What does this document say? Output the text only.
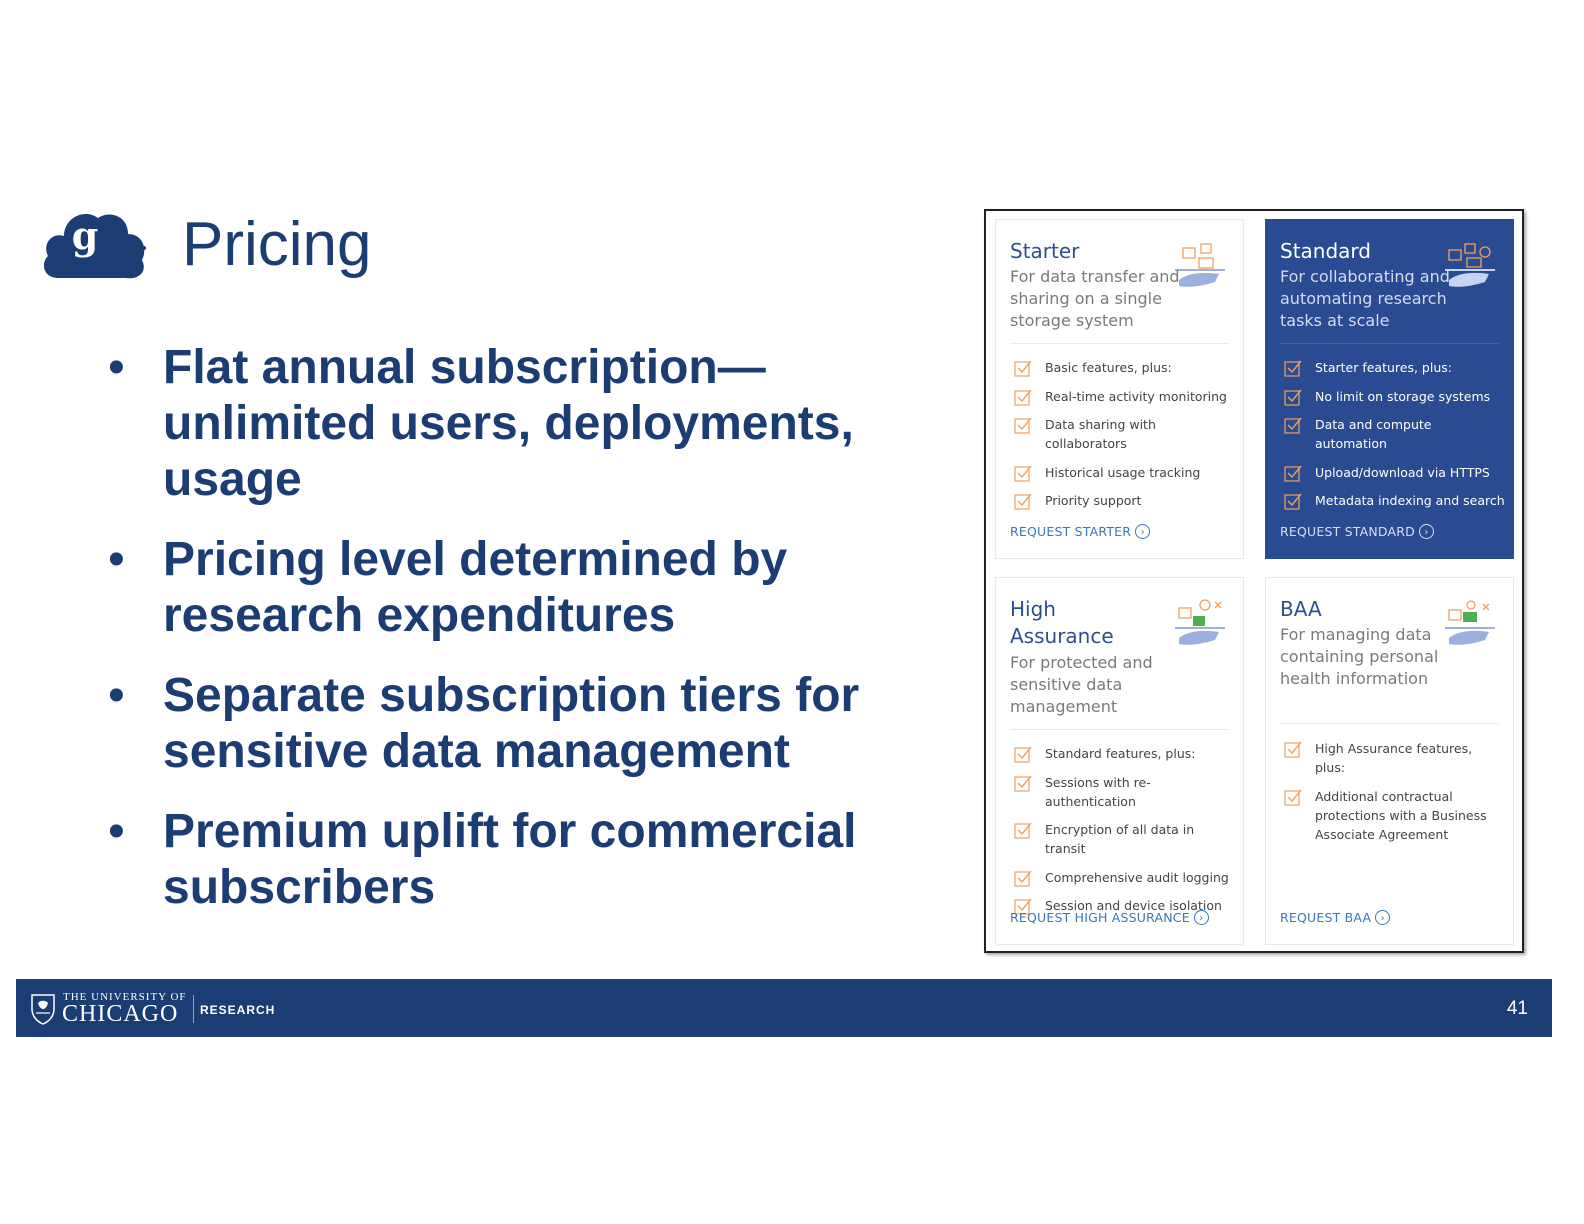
g Pricing
• Flat annual subscription— unlimited users, deployments, usage
• Pricing level determined by research expenditures
• Separate subscription tiers for sensitive data management
• Premium uplift for commercial subscribers
Starter
For data transfer and sharing on a single storage system
Basic features, plus:
Real-time activity monitoring
Data sharing with collaborators
Historical usage tracking
Priority support
REQUEST STARTER ›
Standard
For collaborating and automating research tasks at scale
Starter features, plus:
No limit on storage systems
Data and compute automation
Upload/download via HTTPS
Metadata indexing and search
REQUEST STANDARD ›
High Assurance
For protected and sensitive data management
Standard features, plus:
Sessions with re-authentication
Encryption of all data in transit
Comprehensive audit logging
Session and device isolation
REQUEST HIGH ASSURANCE ›
BAA
For managing data containing personal health information
High Assurance features, plus:
Additional contractual protections with a Business Associate Agreement
REQUEST BAA ›
THE UNIVERSITY OF
CHICAGO RESEARCH	41
